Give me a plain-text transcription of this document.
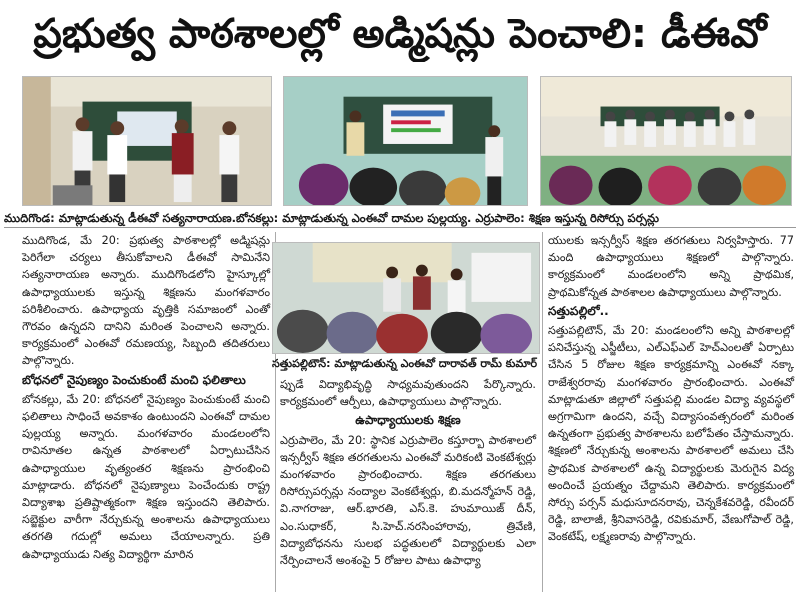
ప్రభుత్వ పాఠశాలల్లో అడ్మిషన్లు పెంచాలి: డీఈవో
ముదిగొండ: మాట్లాడుతున్న డీఈవో సత్యనారాయణ.బోనకల్లు: మాట్లాడుతున్న ఎంఈవో దామల పుల్లయ్య. ఎర్రుపాలెం: శిక్షణ ఇస్తున్న రిసోర్సు పర్సన్లు

ముదిగొండ, మే 20: ప్రభుత్వ పాఠశాలల్లో అడ్మిషన్లు పెరిగేలా చర్యలు తీసుకోవాలని డీఈవో సామినేని సత్యనారాయణ అన్నారు. ముదిగొండలోని హైస్కూల్లో ఉపాధ్యాయులకు ఇస్తున్న శిక్షణను మంగళవారం పరిశీలించారు. ఉపాధ్యాయ వృత్తికి సమాజంలో ఎంతో గౌరవం ఉన్నదని దానిని మరింత పెంచాలని అన్నారు. కార్యక్రమంలో ఎంఈవో రమణయ్య, సిబ్బంది తదితరులు పాల్గొన్నారు.

బోధనలో నైపుణ్యం పెంచుకుంటే మంచి ఫలితాలు

బోనకల్లు, మే 20: బోధనలో నైపుణ్యం పెంచుకుంటే మంచి ఫలితాలు సాధించే అవకాశం ఉంటుందని ఎంఈవో దామల పుల్లయ్య అన్నారు. మంగళవారం మండలంలోని రావినూతల ఉన్నత పాఠశాలలో ఏర్పాటుచేసిన ఉపాధ్యాయుల వృత్యంతర శిక్షణను ప్రారంభించి మాట్లాడారు. బోధనలో నైపుణ్యాలు పెంచేందుకు రాష్ట్ర విద్యాశాఖ ప్రతిష్టాత్మకంగా శిక్షణ ఇస్తుందని తెలిపారు. సబ్జెక్టుల వారీగా నేర్చుకున్న అంశాలను ఉపాధ్యాయులు తరగతి గదుల్లో అమలు చేయాలన్నారు. ప్రతి ఉపాధ్యాయుడు నిత్య విద్యార్థిగా మారిన

సత్తుపల్లిటౌన్: మాట్లాడుతున్న ఎంఈవో దారావత్ రామ్ కుమార్

ప్పుడే విద్యాభివృద్ధి సాధ్యమవుతుందని పేర్కొన్నారు. కార్యక్రమంలో ఆర్పీలు, ఉపాధ్యాయులు పాల్గొన్నారు.

ఉపాధ్యాయులకు శిక్షణ

ఎర్రుపాలెం, మే 20: స్థానిక ఎర్రుపాలెం కస్తూర్బా పాఠశాలలో ఇన్సర్వీస్ శిక్షణ తరగతులను ఎంఈవో మరికంటి వెంకటేశ్వర్లు మంగళవారం ప్రారంభించారు. శిక్షణ తరగతులు రిసోర్సుపర్సన్లు నంద్యాల వెంకటేశ్వర్లు, బి.మదన్మోహన్ రెడ్డి, వి.నాగరాజు, ఆర్.భారతి, ఎస్.కె. హుమాయిజ్ దీన్, ఎం.సుధాకర్, సి.హెచ్.నరసింహారావు, త్రివేణి, విద్యాబోధనను సులభ పద్ధతులలో విద్యార్థులకు ఎలా నేర్పించాలనే అంశంపై 5 రోజుల పాటు ఉపాధ్యా

యులకు ఇన్సర్వీస్ శిక్షణ తరగతులు నిర్వహిస్తారు. 77 మంది ఉపాధ్యాయులు శిక్షణలో పాల్గొన్నారు. కార్యక్రమంలో మండలంలోని అన్ని ప్రాథమిక, ప్రాథమికోన్నత పాఠశాలల ఉపాధ్యాయులు పాల్గొన్నారు.

సత్తుపల్లిలో..

సత్తుపల్లిటౌన్, మే 20: మండలంలోని అన్ని పాఠశాలల్లో పనిచేస్తున్న ఎస్జీటీలు, ఎల్ఎఫ్ఎల్ హెచ్ఎంలతో ఏర్పాటు చేసిన 5 రోజుల శిక్షణ కార్యక్రమాన్ని ఎంఈవో నక్కా రాజేశ్వరరావు మంగళవారం ప్రారంభించారు. ఎంఈవో మాట్లాడుతూ జిల్లాలో సత్తుపల్లి మండల విద్యా వ్యవస్థలో అగ్రగామిగా ఉందని, వచ్చే విద్యాసంవత్సరంలో మరింత ఉన్నతంగా ప్రభుత్వ పాఠశాలను బలోపేతం చేస్తామన్నారు. శిక్షణలో నేర్చుకున్న అంశాలను పాఠశాలలో అమలు చేసి ప్రాథమిక పాఠశాలలో ఉన్న విద్యార్థులకు మెరుగైన విద్య అందించే ప్రయత్నం చేద్దామని తెలిపారు. కార్యక్రమంలో సోర్సు పర్సన్ మధుసూదనరావు, చెన్నకేశవరెడ్డి, రవీందర్ రెడ్డి, బాలాజీ, శ్రీనివాసరెడ్డి, రవికుమార్, వేణుగోపాల్ రెడ్డి, వెంకటేష్, లక్ష్మణరావు పాల్గొన్నారు.
